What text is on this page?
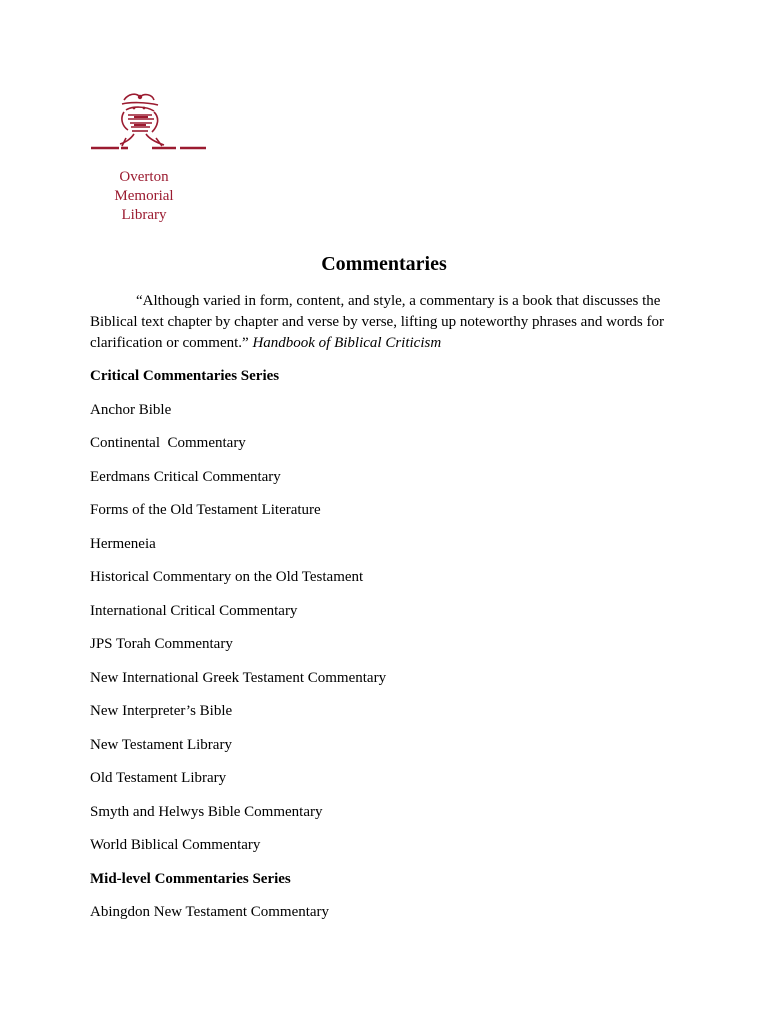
Overton
Memorial
Library
Commentaries

“Although varied in form, content, and style, a commentary is a book that discusses the Biblical text chapter by chapter and verse by verse, lifting up noteworthy phrases and words for clarification or comment.” Handbook of Biblical Criticism

Critical Commentaries Series
Anchor Bible
Continental  Commentary
Eerdmans Critical Commentary
Forms of the Old Testament Literature
Hermeneia
Historical Commentary on the Old Testament
International Critical Commentary
JPS Torah Commentary
New International Greek Testament Commentary
New Interpreter’s Bible
New Testament Library
Old Testament Library
Smyth and Helwys Bible Commentary
World Biblical Commentary
Mid-level Commentaries Series
Abingdon New Testament Commentary
